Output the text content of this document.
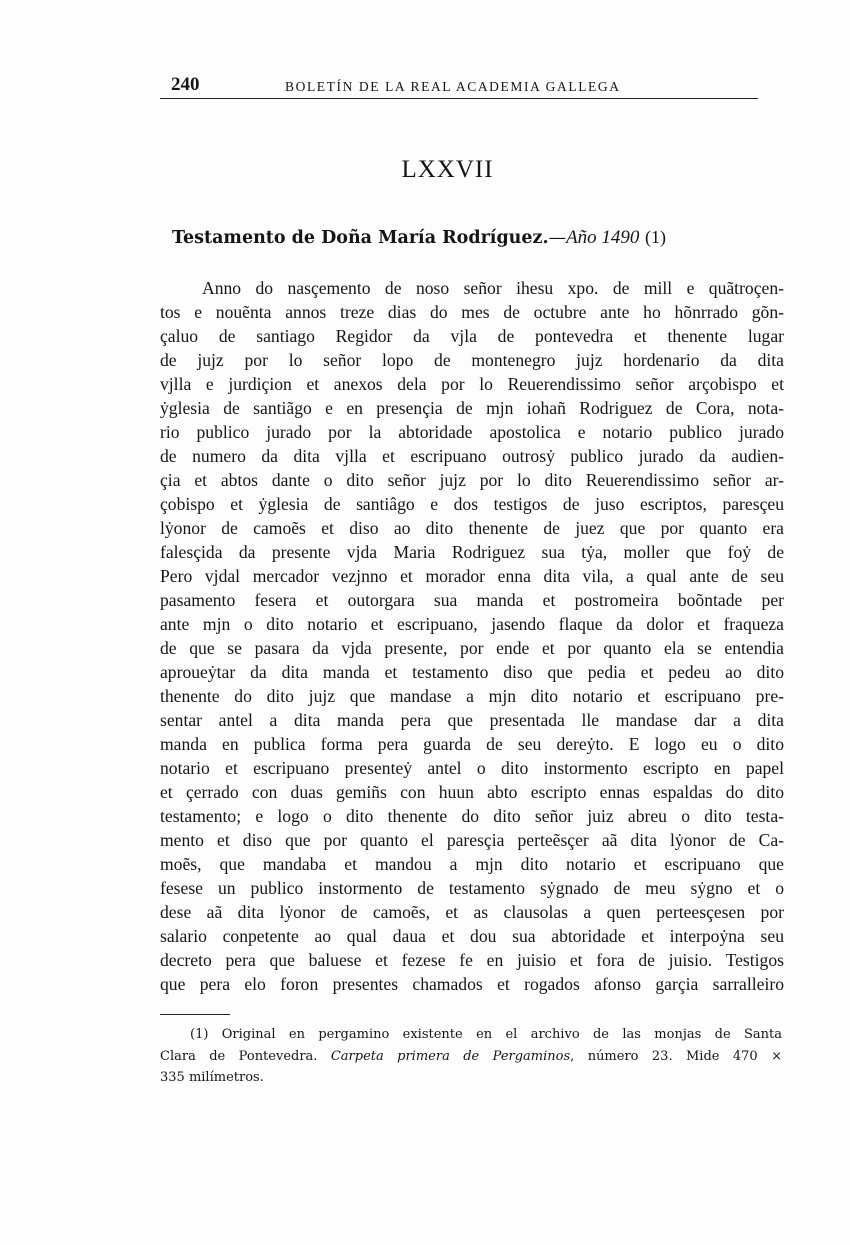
240	BOLETÍN DE LA REAL ACADEMIA GALLEGA
LXXVII
Testamento de Doña María Rodríguez.—Año 1490 (1)
Anno do nasçemento de noso señor ihesu xpo. de mill e quãtroçen-
tos e nouẽnta annos treze dias do mes de octubre ante ho hõnrrado gõn-
çaluo de santiago Regidor da vjla de pontevedra et thenente lugar
de jujz por lo señor lopo de montenegro jujz hordenario da dita
vjlla e jurdiçion et anexos dela por lo Reuerendissimo señor arçobispo et
ẏglesia de santiãgo e en presençia de mjn iohañ Rodriguez de Cora, nota-
rio publico jurado por la abtoridade apostolica e notario publico jurado
de numero da dita vjlla et escripuano outrosẏ publico jurado da audien-
çia et abtos dante o dito señor jujz por lo dito Reuerendissimo señor ar-
çobispo et ẏglesia de santiâgo e dos testigos de juso escriptos, paresçeu
lẏonor de camoẽs et diso ao dito thenente de juez que por quanto era
falesçida da presente vjda Maria Rodriguez sua tẏa, moller que foẏ de
Pero vjdal mercador vezjnno et morador enna dita vila, a qual ante de seu
pasamento fesera et outorgara sua manda et postromeira boõntade per
ante mjn o dito notario et escripuano, jasendo flaque da dolor et fraqueza
de que se pasara da vjda presente, por ende et por quanto ela se entendia
aproueẏtar da dita manda et testamento diso que pedia et pedeu ao dito
thenente do dito jujz que mandase a mjn dito notario et escripuano pre-
sentar antel a dita manda pera que presentada lle mandase dar a dita
manda en publica forma pera guarda de seu dereẏto. E logo eu o dito
notario et escripuano presenteẏ antel o dito instormento escripto en papel
et çerrado con duas gemiñs con huun abto escripto ennas espaldas do dito
testamento; e logo o dito thenente do dito señor juiz abreu o dito testa-
mento et diso que por quanto el paresçia perteẽsçer aã dita lẏonor de Ca-
moẽs, que mandaba et mandou a mjn dito notario et escripuano que
fesese un publico instormento de testamento sẏgnado de meu sẏgno et o
dese aã dita lẏonor de camoẽs, et as clausolas a quen perteesçesen por
salario conpetente ao qual daua et dou sua abtoridade et interpoẏna seu
decreto pera que baluese et fezese fe en juisio et fora de juisio. Testigos
que pera elo foron presentes chamados et rogados afonso garçia sarralleiro
(1) Original en pergamino existente en el archivo de las monjas de Santa
Clara de Pontevedra. Carpeta primera de Pergaminos, número 23. Mide 470 ×
335 milímetros.
